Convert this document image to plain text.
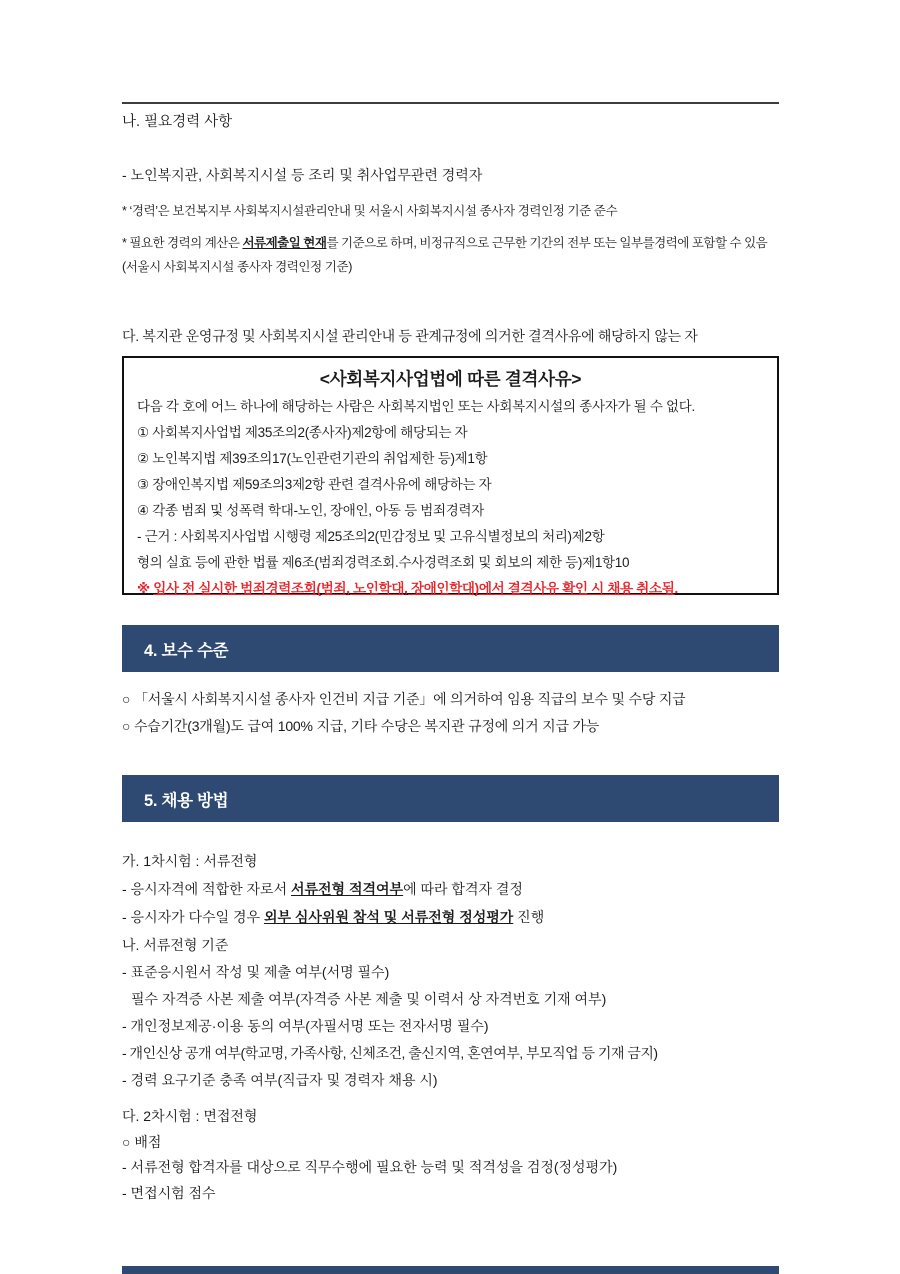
나. 필요경력 사항
- 노인복지관, 사회복지시설 등 조리 및 취사업무관련 경력자
* ‘경력’은 보건복지부 사회복지시설관리안내 및 서울시 사회복지시설 종사자 경력인정 기준 준수
* 필요한 경력의 계산은 서류제출일 현재를 기준으로 하며, 비정규직으로 근무한 기간의 전부 또는 일부를경력에 포함할 수 있음
(서울시 사회복지시설 종사자 경력인정 기준)
다. 복지관 운영규정 및 사회복지시설 관리안내 등 관계규정에 의거한 결격사유에 해당하지 않는 자
<사회복지사업법에 따른 결격사유>
다음 각 호에 어느 하나에 해당하는 사람은 사회복지법인 또는 사회복지시설의 종사자가 될 수 없다.
① 사회복지사업법 제35조의2(종사자)제2항에 해당되는 자
② 노인복지법 제39조의17(노인관련기관의 취업제한 등)제1항
③ 장애인복지법 제59조의3제2항 관련 결격사유에 해당하는 자
④ 각종 범죄 및 성폭력 학대-노인, 장애인, 아동 등 범죄경력자
- 근거 : 사회복지사업법 시행령 제25조의2(민감정보 및 고유식별정보의 처리)제2항
형의 실효 등에 관한 법률 제6조(범죄경력조회.수사경력조회 및 회보의 제한 등)제1항10
※ 입사 전 실시한 범죄경력조회(범죄, 노인학대, 장애인학대)에서 결격사유 확인 시 채용 취소됨.
4. 보수 수준
○ 「서울시 사회복지시설 종사자 인건비 지급 기준」에 의거하여 임용 직급의 보수 및 수당 지급
○ 수습기간(3개월)도 급여 100% 지급, 기타 수당은 복지관 규정에 의거 지급 가능
5. 채용 방법
가. 1차시험 : 서류전형
- 응시자격에 적합한 자로서 서류전형 적격여부에 따라 합격자 결정
- 응시자가 다수일 경우 외부 심사위원 참석 및 서류전형 정성평가 진행
나. 서류전형 기준
- 표준응시원서 작성 및 제출 여부(서명 필수)
필수 자격증 사본 제출 여부(자격증 사본 제출 및 이력서 상 자격번호 기재 여부)
- 개인정보제공·이용 동의 여부(자필서명 또는 전자서명 필수)
- 개인신상 공개 여부(학교명, 가족사항, 신체조건, 출신지역, 혼연여부, 부모직업 등 기재 금지)
- 경력 요구기준 충족 여부(직급자 및 경력자 채용 시)
다. 2차시험 : 면접전형
○ 배점
- 서류전형 합격자를 대상으로 직무수행에 필요한 능력 및 적격성을 검정(정성평가)
- 면접시험 점수
